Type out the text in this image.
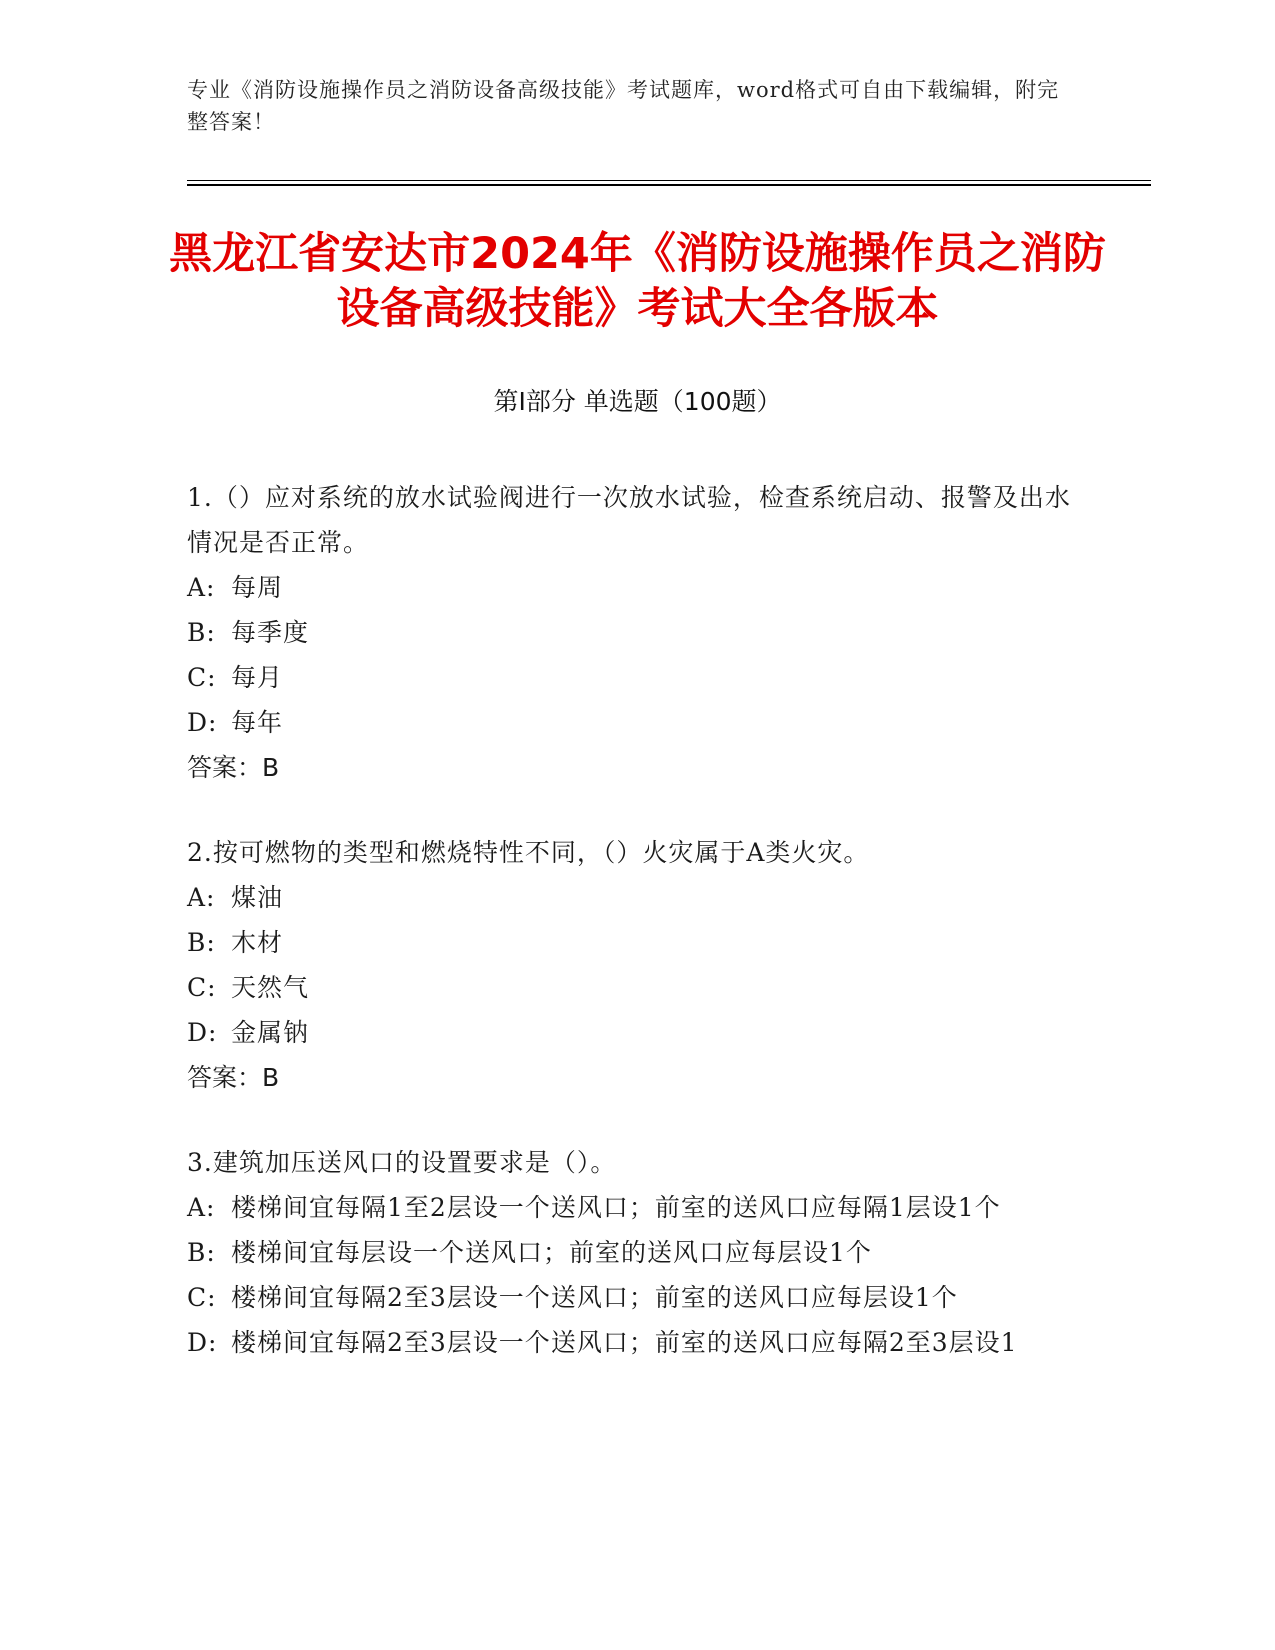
专业《消防设施操作员之消防设备高级技能》考试题库，word格式可自由下载编辑，附完整答案！
黑龙江省安达市2024年《消防设施操作员之消防设备高级技能》考试大全各版本
第I部分 单选题（100题）

1.（）应对系统的放水试验阀进行一次放水试验，检查系统启动、报警及出水情况是否正常。

A: 每周
B: 每季度
C: 每月
D: 每年

答案：B

2.按可燃物的类型和燃烧特性不同，（）火灾属于A类火灾。

A: 煤油
B: 木材
C: 天然气
D: 金属钠

答案：B

3.建筑加压送风口的设置要求是（）。

A: 楼梯间宜每隔1至2层设一个送风口；前室的送风口应每隔1层设1个
B: 楼梯间宜每层设一个送风口；前室的送风口应每层设1个
C: 楼梯间宜每隔2至3层设一个送风口；前室的送风口应每层设1个
D: 楼梯间宜每隔2至3层设一个送风口；前室的送风口应每隔2至3层设1
